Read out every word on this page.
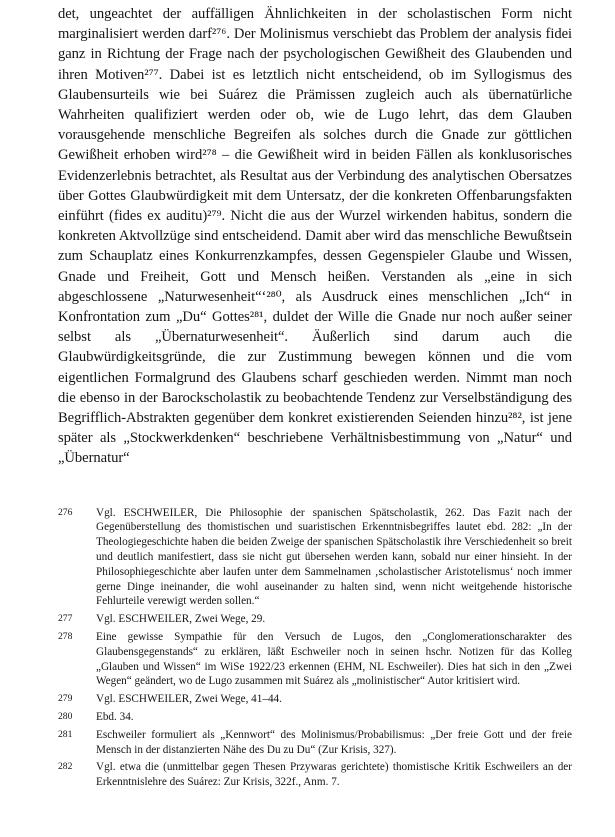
det, ungeachtet der auffälligen Ähnlichkeiten in der scholastischen Form nicht marginalisiert werden darf²⁷⁶. Der Molinismus verschiebt das Problem der analysis fidei ganz in Richtung der Frage nach der psychologischen Gewißheit des Glaubenden und ihren Motiven²⁷⁷. Dabei ist es letztlich nicht entscheidend, ob im Syllogismus des Glaubensurteils wie bei Suárez die Prämissen zugleich auch als übernatürliche Wahrheiten qualifiziert werden oder ob, wie de Lugo lehrt, das dem Glauben vorausgehende menschliche Begreifen als solches durch die Gnade zur göttlichen Gewißheit erhoben wird²⁷⁸ – die Gewißheit wird in beiden Fällen als konklusorisches Evidenzerlebnis betrachtet, als Resultat aus der Verbindung des analytischen Obersatzes über Gottes Glaubwürdigkeit mit dem Untersatz, der die konkreten Offenbarungsfakten einführt (fides ex auditu)²⁷⁹. Nicht die aus der Wurzel wirkenden habitus, sondern die konkreten Aktvollzüge sind entscheidend. Damit aber wird das menschliche Bewußtsein zum Schauplatz eines Konkurrenzkampfes, dessen Gegenspieler Glaube und Wissen, Gnade und Freiheit, Gott und Mensch heißen. Verstanden als „eine in sich abgeschlossene „Naturwesenheit“‘²⁸⁰, als Ausdruck eines menschlichen „Ich“ in Konfrontation zum „Du“ Gottes²⁸¹, duldet der Wille die Gnade nur noch außer seiner selbst als „Übernaturwesenheit“. Äußerlich sind darum auch die Glaubwürdigkeitsgründe, die zur Zustimmung bewegen können und die vom eigentlichen Formalgrund des Glaubens scharf geschieden werden. Nimmt man noch die ebenso in der Barockscholastik zu beobachtende Tendenz zur Verselbständigung des Begrifflich-Abstrakten gegenüber dem konkret existierenden Seienden hinzu²⁸², ist jene später als „Stockwerkdenken“ beschriebene Verhältnisbestimmung von „Natur“ und „Übernatur“

276 Vgl. ESCHWEILER, Die Philosophie der spanischen Spätscholastik, 262. Das Fazit nach der Gegenüberstellung des thomistischen und suaristischen Erkenntnisbegriffes lautet ebd. 282: „In der Theologiegeschichte haben die beiden Zweige der spanischen Spätscholastik ihre Verschiedenheit so breit und deutlich manifestiert, dass sie nicht gut übersehen werden kann, sobald nur einer hinsieht. In der Philosophiegeschichte aber laufen unter dem Sammelnamen ‚scholastischer Aristotelismus‘ noch immer gerne Dinge ineinander, die wohl auseinander zu halten sind, wenn nicht weitgehende historische Fehlurteile verewigt werden sollen.“
277 Vgl. ESCHWEILER, Zwei Wege, 29.
278 Eine gewisse Sympathie für den Versuch de Lugos, den „Conglomerationscharakter des Glaubensgegenstands“ zu erklären, läßt Eschweiler noch in seinen hschr. Notizen für das Kolleg „Glauben und Wissen“ im WiSe 1922/23 erkennen (EHM, NL Eschweiler). Dies hat sich in den „Zwei Wegen“ geändert, wo de Lugo zusammen mit Suárez als „molinistischer“ Autor kritisiert wird.
279 Vgl. ESCHWEILER, Zwei Wege, 41–44.
280 Ebd. 34.
281 Eschweiler formuliert als „Kennwort“ des Molinismus/Probabilismus: „Der freie Gott und der freie Mensch in der distanzierten Nähe des Du zu Du“ (Zur Krisis, 327).
282 Vgl. etwa die (unmittelbar gegen Thesen Przywaras gerichtete) thomistische Kritik Eschweilers an der Erkenntnislehre des Suárez: Zur Krisis, 322f., Anm. 7.
